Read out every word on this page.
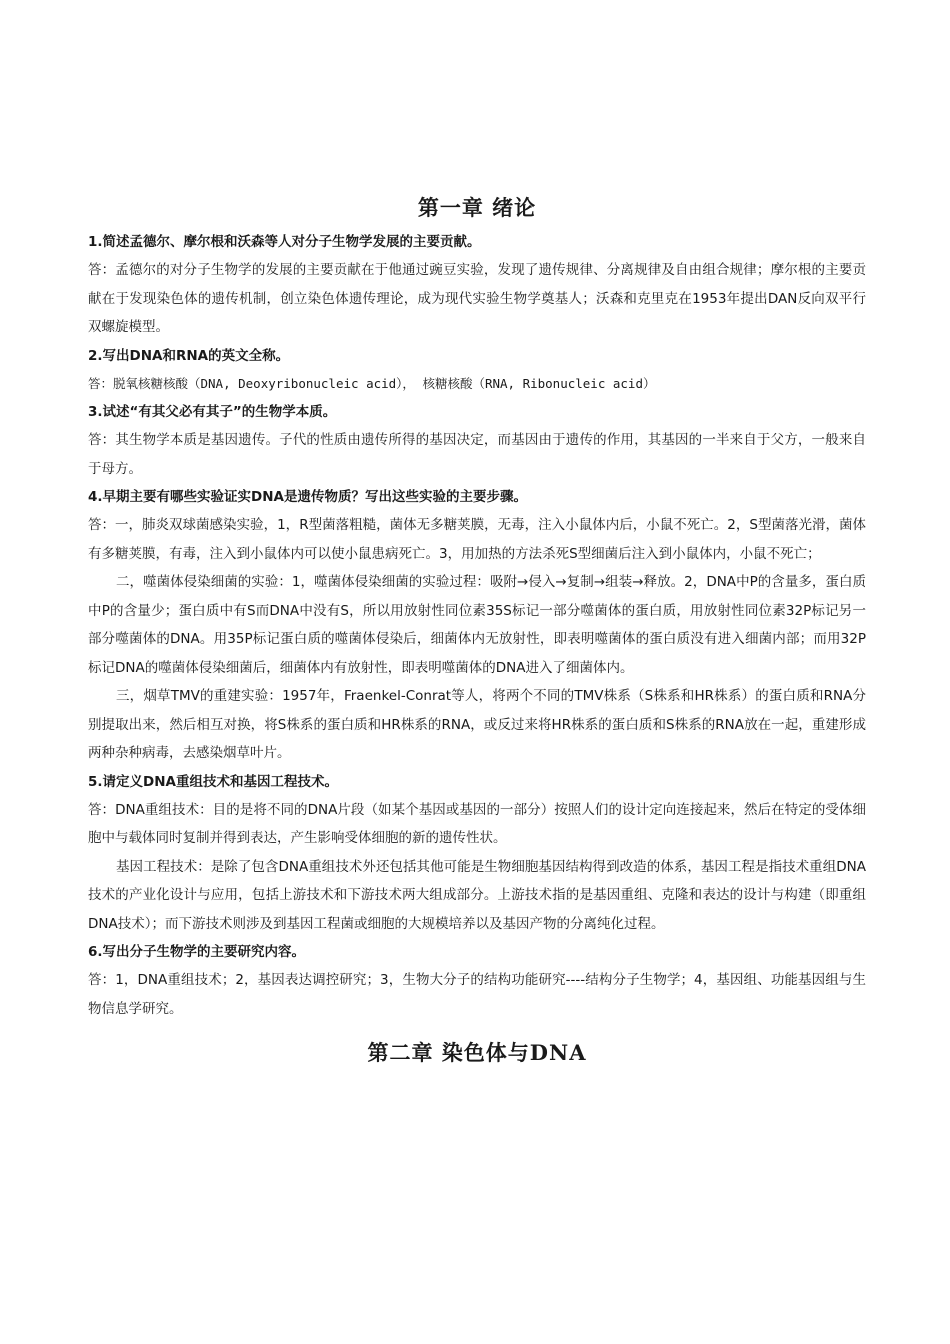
第一章 绪论

1.简述孟德尔、摩尔根和沃森等人对分子生物学发展的主要贡献。

答：孟德尔的对分子生物学的发展的主要贡献在于他通过豌豆实验，发现了遗传规律、分离规律及自由组合规律；摩尔根的主要贡献在于发现染色体的遗传机制，创立染色体遗传理论，成为现代实验生物学奠基人；沃森和克里克在1953年提出DAN反向双平行双螺旋模型。

2.写出DNA和RNA的英文全称。

答：脱氧核糖核酸（DNA, Deoxyribonucleic acid）， 核糖核酸（RNA, Ribonucleic acid）

3.试述“有其父必有其子”的生物学本质。

答：其生物学本质是基因遗传。子代的性质由遗传所得的基因决定，而基因由于遗传的作用，其基因的一半来自于父方，一般来自于母方。

4.早期主要有哪些实验证实DNA是遗传物质？写出这些实验的主要步骤。

答：一，肺炎双球菌感染实验，1，R型菌落粗糙，菌体无多糖荚膜，无毒，注入小鼠体内后，小鼠不死亡。2，S型菌落光滑，菌体有多糖荚膜，有毒，注入到小鼠体内可以使小鼠患病死亡。3，用加热的方法杀死S型细菌后注入到小鼠体内，小鼠不死亡；

二，噬菌体侵染细菌的实验：1，噬菌体侵染细菌的实验过程：吸附→侵入→复制→组装→释放。2，DNA中P的含量多，蛋白质中P的含量少；蛋白质中有S而DNA中没有S，所以用放射性同位素35S标记一部分噬菌体的蛋白质，用放射性同位素32P标记另一部分噬菌体的DNA。用35P标记蛋白质的噬菌体侵染后，细菌体内无放射性，即表明噬菌体的蛋白质没有进入细菌内部；而用32P标记DNA的噬菌体侵染细菌后，细菌体内有放射性，即表明噬菌体的DNA进入了细菌体内。

三，烟草TMV的重建实验：1957年，Fraenkel-Conrat等人，将两个不同的TMV株系（S株系和HR株系）的蛋白质和RNA分别提取出来，然后相互对换，将S株系的蛋白质和HR株系的RNA，或反过来将HR株系的蛋白质和S株系的RNA放在一起，重建形成两种杂种病毒，去感染烟草叶片。

5.请定义DNA重组技术和基因工程技术。

答：DNA重组技术：目的是将不同的DNA片段（如某个基因或基因的一部分）按照人们的设计定向连接起来，然后在特定的受体细胞中与载体同时复制并得到表达，产生影响受体细胞的新的遗传性状。

基因工程技术：是除了包含DNA重组技术外还包括其他可能是生物细胞基因结构得到改造的体系，基因工程是指技术重组DNA技术的产业化设计与应用，包括上游技术和下游技术两大组成部分。上游技术指的是基因重组、克隆和表达的设计与构建（即重组DNA技术）；而下游技术则涉及到基因工程菌或细胞的大规模培养以及基因产物的分离纯化过程。

6.写出分子生物学的主要研究内容。

答：1，DNA重组技术；2，基因表达调控研究；3，生物大分子的结构功能研究----结构分子生物学；4，基因组、功能基因组与生物信息学研究。

第二章 染色体与DNA
